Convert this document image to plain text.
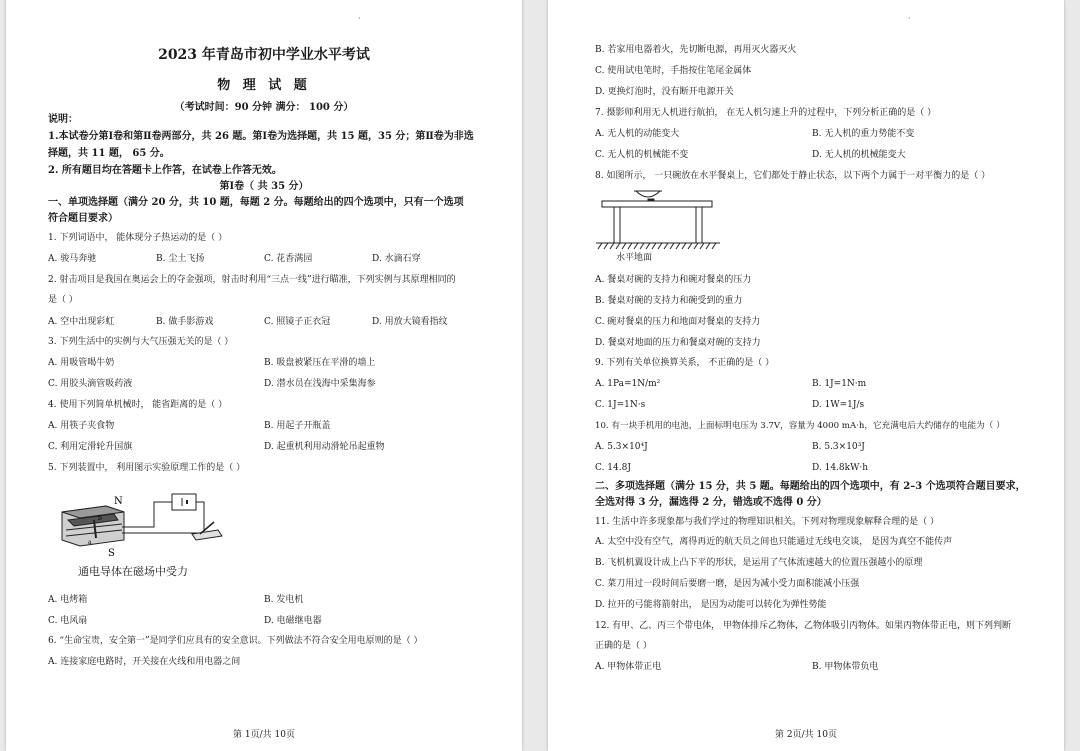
·
2023 年青岛市初中学业水平考试
物 理 试 题
（考试时间：90 分钟 满分： 100 分）
说明：
1.本试卷分第Ⅰ卷和第Ⅱ卷两部分，共 26 题。第Ⅰ卷为选择题，共 15 题，35 分；第Ⅱ卷为非选
择题，共 11 题， 65 分。
2. 所有题目均在答题卡上作答，在试卷上作答无效。
第Ⅰ卷（ 共 35 分）
一、单项选择题（满分 20 分，共 10 题，每题 2 分。每题给出的四个选项中，只有一个选项
符合题目要求）
1. 下列词语中， 能体现分子热运动的是（ ）
A. 骏马奔驰	B. 尘土飞扬	C. 花香满园	D. 水滴石穿
2. 射击项目是我国在奥运会上的夺金强项，射击时利用“三点一线”进行瞄准，下列实例与其原理相同的
是（ ）
A. 空中出现彩虹	B. 做手影游戏	C. 照镜子正衣冠	D. 用放大镜看指纹
3. 下列生活中的实例与大气压强无关的是（ ）
A. 用吸管喝牛奶	B. 吸盘被紧压在平滑的墙上
C. 用胶头滴管吸药液	D. 潜水员在浅海中采集海参
4. 使用下列简单机械时， 能省距离的是（ ）
A. 用筷子夹食物	B. 用起子开瓶盖
C. 利用定滑轮升国旗	D. 起重机利用动滑轮吊起重物
5. 下列装置中， 利用图示实验原理工作的是（ ）
N
S
a
b
通电导体在磁场中受力
A. 电烤箱	B. 发电机
C. 电风扇	D. 电磁继电器
6. “生命宝贵，安全第一”是同学们应具有的安全意识。下列做法不符合安全用电原则的是（ ）
A. 连接家庭电路时，开关接在火线和用电器之间
第 1页/共 10页
·
B. 若家用电器着火，先切断电源，再用灭火器灭火
C. 使用试电笔时，手指按住笔尾金属体
D. 更换灯泡时，没有断开电源开关
7. 摄影师利用无人机进行航拍， 在无人机匀速上升的过程中，下列分析正确的是（ ）
A. 无人机的动能变大	B. 无人机的重力势能不变
C. 无人机的机械能不变	D. 无人机的机械能变大
8. 如图所示， 一只碗放在水平餐桌上，它们都处于静止状态，以下两个力属于一对平衡力的是（ ）
水平地面
A. 餐桌对碗的支持力和碗对餐桌的压力
B. 餐桌对碗的支持力和碗受到的重力
C. 碗对餐桌的压力和地面对餐桌的支持力
D. 餐桌对地面的压力和餐桌对碗的支持力
9. 下列有关单位换算关系， 不正确的是（ ）
A. 1Pa=1N/m²	B. 1J=1N·m
C. 1J=1N·s	D. 1W=1J/s
10. 有一块手机用的电池，上面标明电压为 3.7V，容量为 4000 mA·h，它充满电后大约储存的电能为（ ）
A. 5.3×10⁴J	B. 5.3×10³J
C. 14.8J	D. 14.8kW·h
二、多项选择题（满分 15 分，共 5 题。每题给出的四个选项中，有 2–3 个选项符合题目要求，
全选对得 3 分，漏选得 2 分，错选或不选得 0 分）
11. 生活中许多现象都与我们学过的物理知识相关。下列对物理现象解释合理的是（ ）
A. 太空中没有空气，离得再近的航天员之间也只能通过无线电交谈， 是因为真空不能传声
B. 飞机机翼设计成上凸下平的形状，是运用了气体流速越大的位置压强越小的原理
C. 菜刀用过一段时间后要磨一磨，是因为减小受力面积能减小压强
D. 拉开的弓能将箭射出， 是因为动能可以转化为弹性势能
12. 有甲、乙、丙三个带电体， 甲物体排斥乙物体，乙物体吸引丙物体。如果丙物体带正电，则下列判断
正确的是（ ）
A. 甲物体带正电	B. 甲物体带负电
第 2页/共 10页
